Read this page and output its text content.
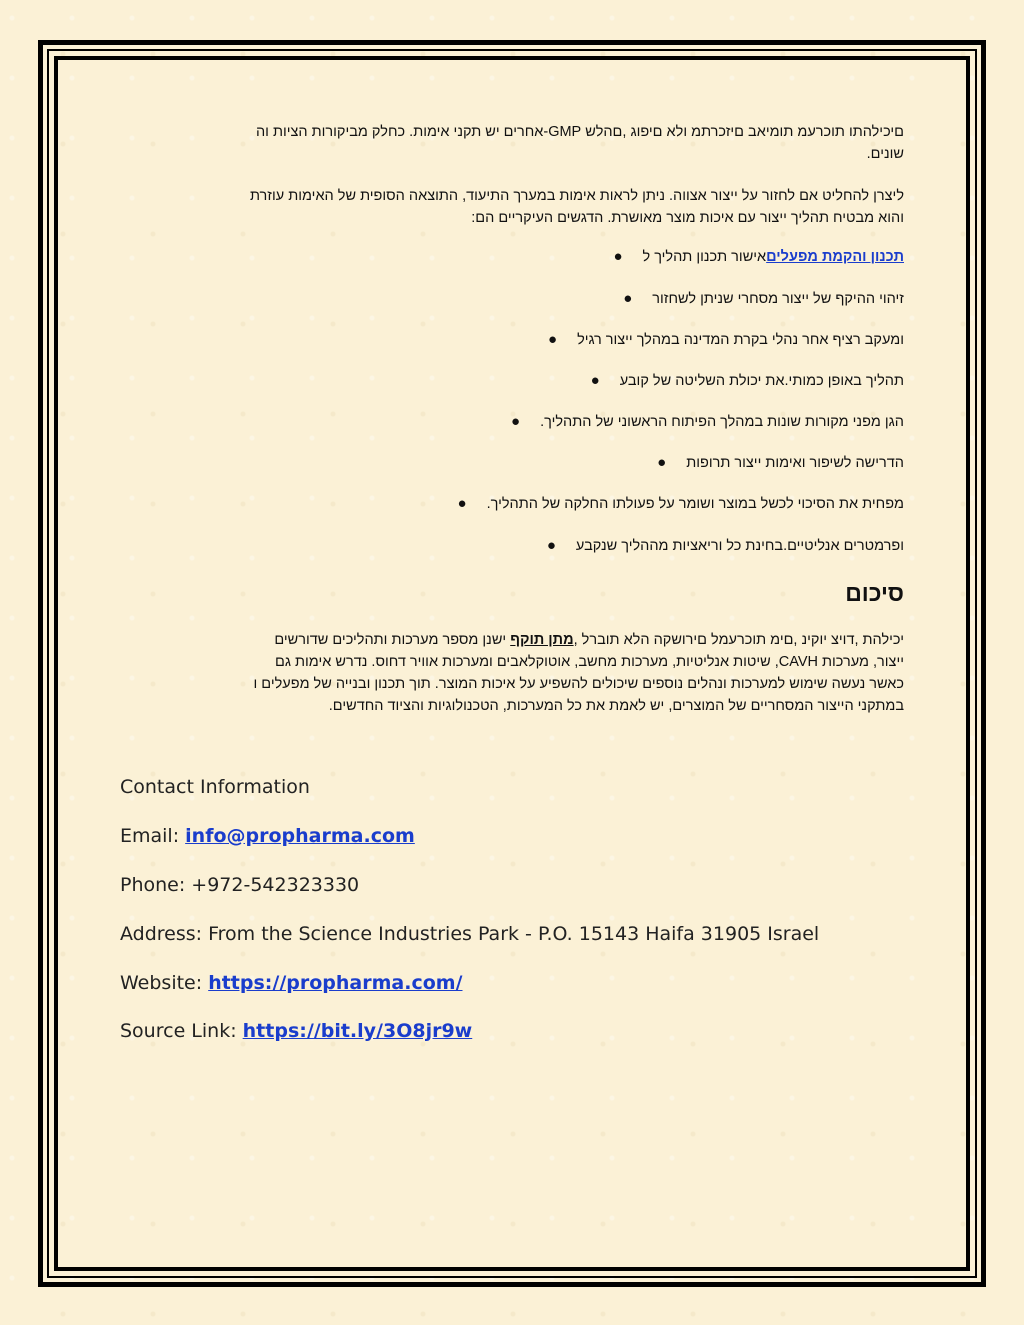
םיכילהתו תוכרעמ תומיאב םיזכרתמ ולא םיפוג ,םהלש GMP-אחרים יש תקני אימות. כחלק מביקורות הציות וה
שונים.
ליצרן להחליט אם לחזור על ייצור אצווה. ניתן לראות אימות במערך התיעוד, התוצאה הסופית של האימות עוזרת
והוא מבטיח תהליך ייצור עם איכות מוצר מאושרת. הדגשים העיקריים הם:
תכנון והקמת מפעליםאישור תכנון תהליך ל●
זיהוי ההיקף של ייצור מסחרי שניתן לשחזור●
ומעקב רציף אחר נהלי בקרת המדינה במהלך ייצור רגיל●
תהליך באופן כמותי.את יכולת השליטה של קובע●
הגן מפני מקורות שונות במהלך הפיתוח הראשוני של התהליך.●
הדרישה לשיפור ואימות ייצור תרופות●
מפחית את הסיכוי לכשל במוצר ושומר על פעולתו החלקה של התהליך.●
ופרמטרים אנליטיים.בחינת כל וריאציות מההליך שנקבע●
סיכום
יכילהת ,דויצ יוקינ ,םימ תוכרעמל םירושקה הלא תוברל ,מתן תוקף ישנן מספר מערכות ותהליכים שדורשים
ייצור, מערכות CAVH, שיטות אנליטיות, מערכות מחשב, אוטוקלאבים ומערכות אוויר דחוס. נדרש אימות גם
כאשר נעשה שימוש למערכות ונהלים נוספים שיכולים להשפיע על איכות המוצר. תוך תכנון ובנייה של מפעלים ו
במתקני הייצור המסחריים של המוצרים, יש לאמת את כל המערכות, הטכנולוגיות והציוד החדשים.
Contact Information
Email: info@propharma.com
Phone: +972-542323330
Address: From the Science Industries Park - P.O. 15143 Haifa 31905 Israel
Website: https://propharma.com/
Source Link: https://bit.ly/3O8jr9w
